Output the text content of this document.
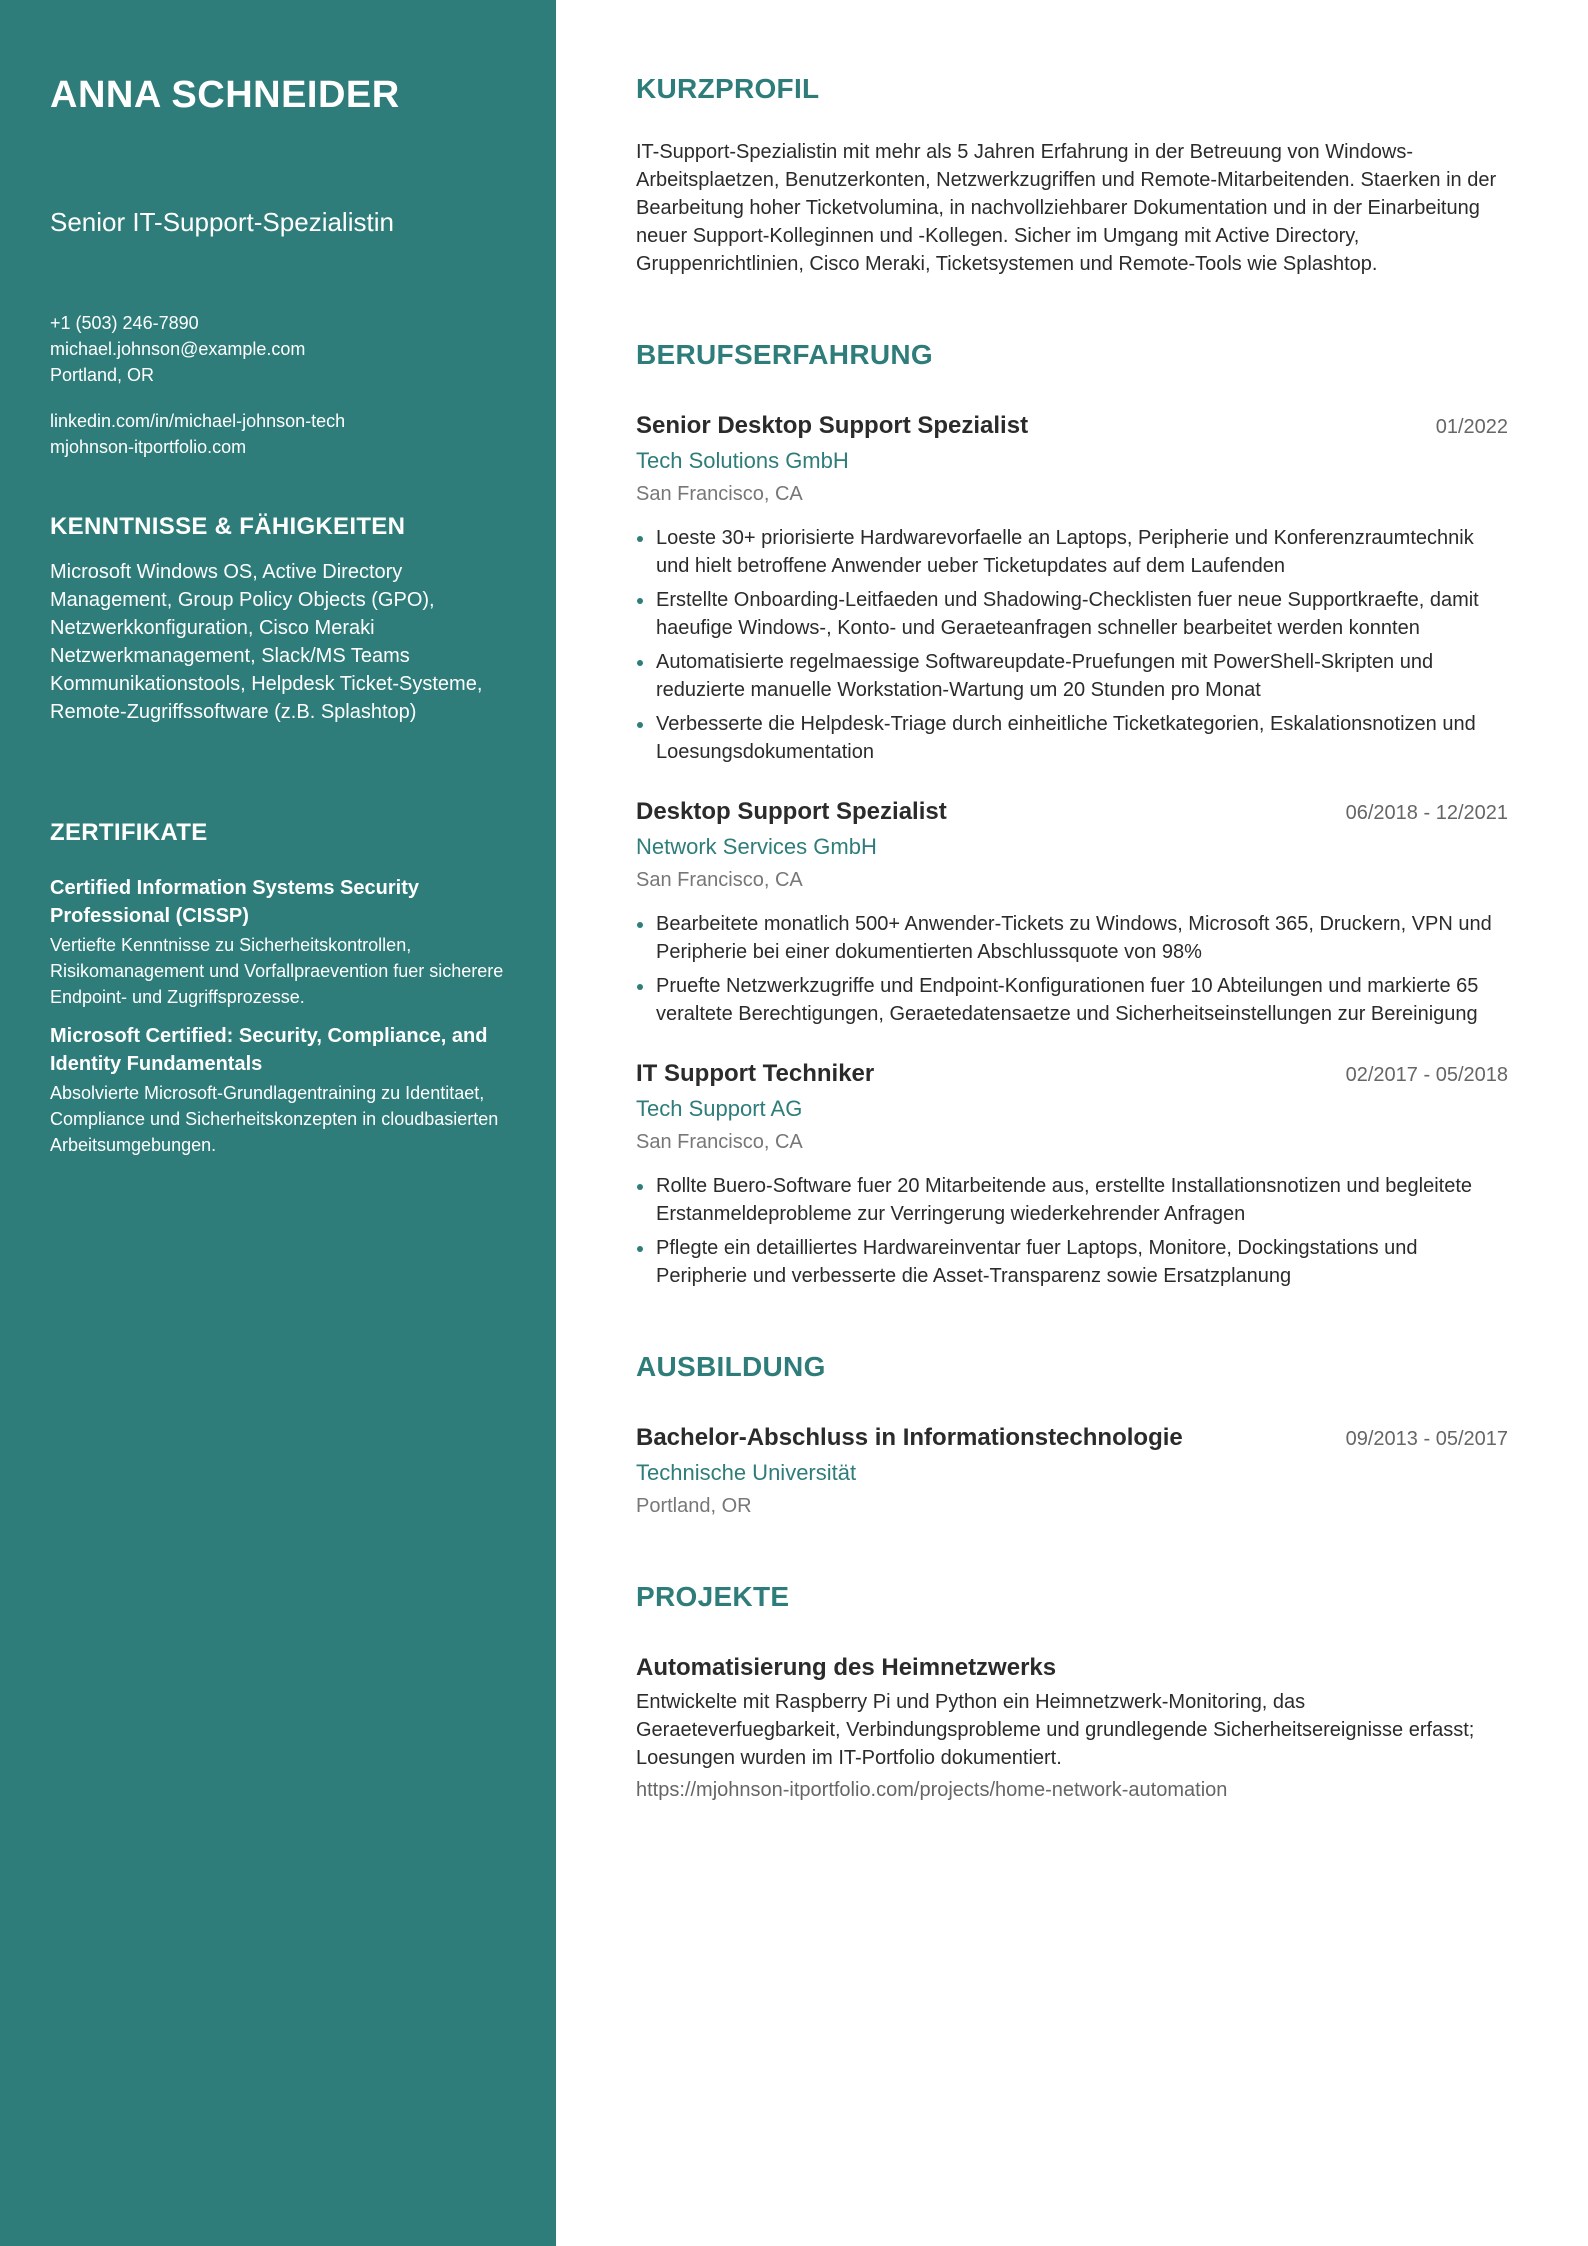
ANNA SCHNEIDER
Senior IT-Support-Spezialistin
+1 (503) 246-7890
michael.johnson@example.com
Portland, OR
linkedin.com/in/michael-johnson-tech
mjohnson-itportfolio.com
KENNTNISSE & FÄHIGKEITEN
Microsoft Windows OS, Active Directory Management, Group Policy Objects (GPO), Netzwerkkonfiguration, Cisco Meraki Netzwerkmanagement, Slack/MS Teams Kommunikationstools, Helpdesk Ticket-Systeme, Remote-Zugriffssoftware (z.B. Splashtop)
ZERTIFIKATE
Certified Information Systems Security Professional (CISSP)
Vertiefte Kenntnisse zu Sicherheitskontrollen, Risikomanagement und Vorfallpraevention fuer sicherere Endpoint- und Zugriffsprozesse.
Microsoft Certified: Security, Compliance, and Identity Fundamentals
Absolvierte Microsoft-Grundlagentraining zu Identitaet, Compliance und Sicherheitskonzepten in cloudbasierten Arbeitsumgebungen.
KURZPROFIL
IT-Support-Spezialistin mit mehr als 5 Jahren Erfahrung in der Betreuung von Windows-Arbeitsplaetzen, Benutzerkonten, Netzwerkzugriffen und Remote-Mitarbeitenden. Staerken in der Bearbeitung hoher Ticketvolumina, in nachvollziehbarer Dokumentation und in der Einarbeitung neuer Support-Kolleginnen und -Kollegen. Sicher im Umgang mit Active Directory, Gruppenrichtlinien, Cisco Meraki, Ticketsystemen und Remote-Tools wie Splashtop.
BERUFSERFAHRUNG
Senior Desktop Support Spezialist	01/2022
Tech Solutions GmbH
San Francisco, CA
Loeste 30+ priorisierte Hardwarevorfaelle an Laptops, Peripherie und Konferenzraumtechnik und hielt betroffene Anwender ueber Ticketupdates auf dem Laufenden
Erstellte Onboarding-Leitfaeden und Shadowing-Checklisten fuer neue Supportkraefte, damit haeufige Windows-, Konto- und Geraeteanfragen schneller bearbeitet werden konnten
Automatisierte regelmaessige Softwareupdate-Pruefungen mit PowerShell-Skripten und reduzierte manuelle Workstation-Wartung um 20 Stunden pro Monat
Verbesserte die Helpdesk-Triage durch einheitliche Ticketkategorien, Eskalationsnotizen und Loesungsdokumentation
Desktop Support Spezialist	06/2018 - 12/2021
Network Services GmbH
San Francisco, CA
Bearbeitete monatlich 500+ Anwender-Tickets zu Windows, Microsoft 365, Druckern, VPN und Peripherie bei einer dokumentierten Abschlussquote von 98%
Pruefte Netzwerkzugriffe und Endpoint-Konfigurationen fuer 10 Abteilungen und markierte 65 veraltete Berechtigungen, Geraetedatensaetze und Sicherheitseinstellungen zur Bereinigung
IT Support Techniker	02/2017 - 05/2018
Tech Support AG
San Francisco, CA
Rollte Buero-Software fuer 20 Mitarbeitende aus, erstellte Installationsnotizen und begleitete Erstanmeldeprobleme zur Verringerung wiederkehrender Anfragen
Pflegte ein detailliertes Hardwareinventar fuer Laptops, Monitore, Dockingstations und Peripherie und verbesserte die Asset-Transparenz sowie Ersatzplanung
AUSBILDUNG
Bachelor-Abschluss in Informationstechnologie	09/2013 - 05/2017
Technische Universität
Portland, OR
PROJEKTE
Automatisierung des Heimnetzwerks
Entwickelte mit Raspberry Pi und Python ein Heimnetzwerk-Monitoring, das Geraeteverfuegbarkeit, Verbindungsprobleme und grundlegende Sicherheitsereignisse erfasst; Loesungen wurden im IT-Portfolio dokumentiert.
https://mjohnson-itportfolio.com/projects/home-network-automation
